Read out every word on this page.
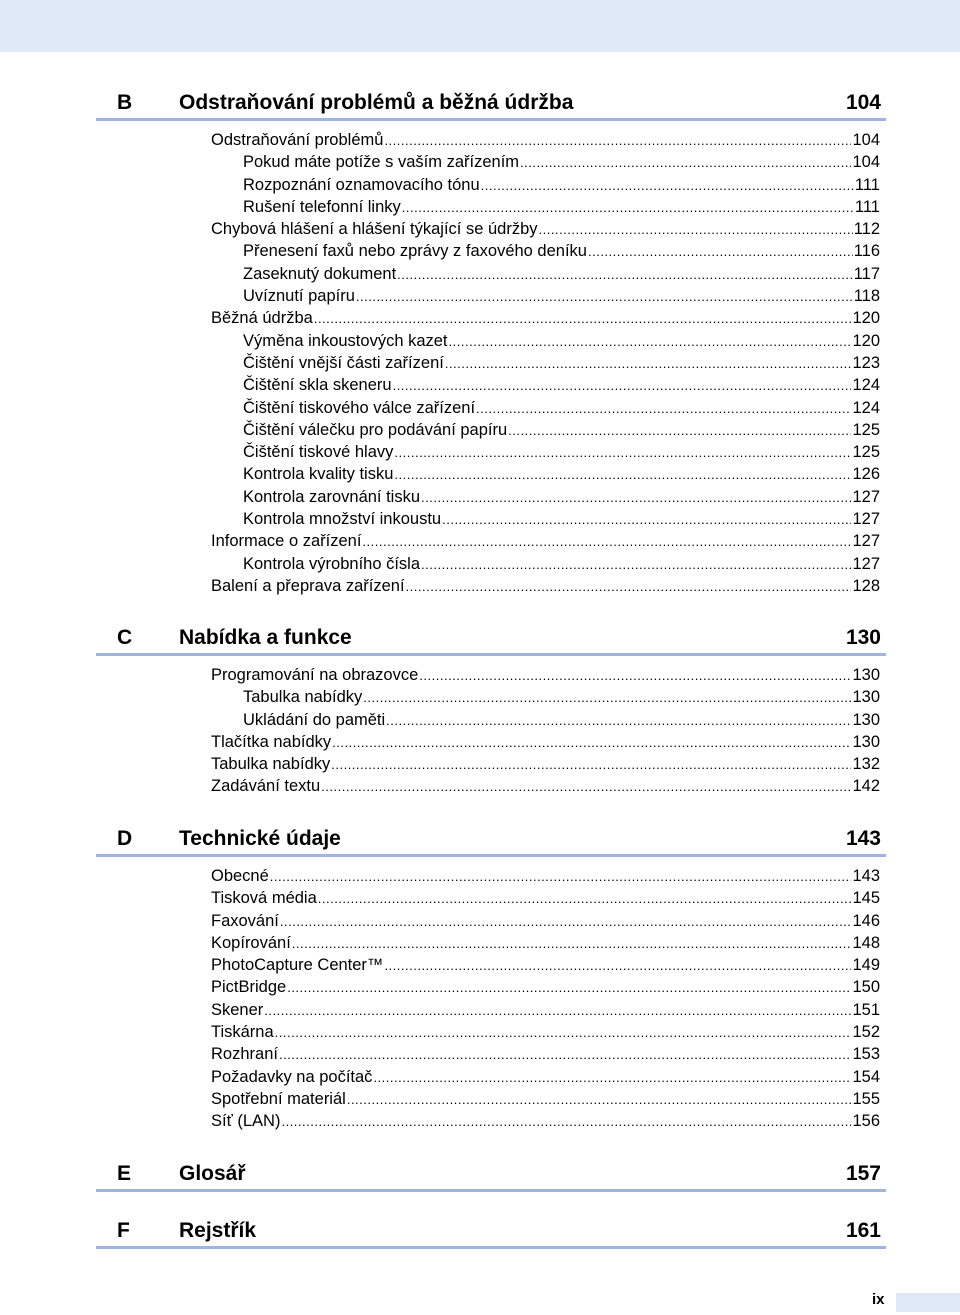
B Odstraňování problémů a běžná údržba	104
Odstraňování problémů .....	104
Pokud máte potíže s vaším zařízením .....	104
Rozpoznání oznamovacího tónu .....	111
Rušení telefonní linky .....	111
Chybová hlášení a hlášení týkající se údržby .....	112
Přenesení faxů nebo zprávy z faxového deníku .....	116
Zaseknutý dokument .....	117
Uvíznutí papíru .....	118
Běžná údržba .....	120
Výměna inkoustových kazet .....	120
Čištění vnější části zařízení .....	123
Čištění skla skeneru .....	124
Čištění tiskového válce zařízení .....	124
Čištění válečku pro podávání papíru .....	125
Čištění tiskové hlavy .....	125
Kontrola kvality tisku .....	126
Kontrola zarovnání tisku .....	127
Kontrola množství inkoustu .....	127
Informace o zařízení .....	127
Kontrola výrobního čísla .....	127
Balení a přeprava zařízení .....	128
C Nabídka a funkce	130
Programování na obrazovce .....	130
Tabulka nabídky .....	130
Ukládání do paměti .....	130
Tlačítka nabídky .....	130
Tabulka nabídky .....	132
Zadávání textu .....	142
D Technické údaje	143
Obecné .....	143
Tisková média .....	145
Faxování .....	146
Kopírování .....	148
PhotoCapture Center™ .....	149
PictBridge .....	150
Skener .....	151
Tiskárna .....	152
Rozhraní .....	153
Požadavky na počítač .....	154
Spotřební materiál .....	155
Síť (LAN) .....	156
E Glosář	157
F Rejstřík	161
ix
